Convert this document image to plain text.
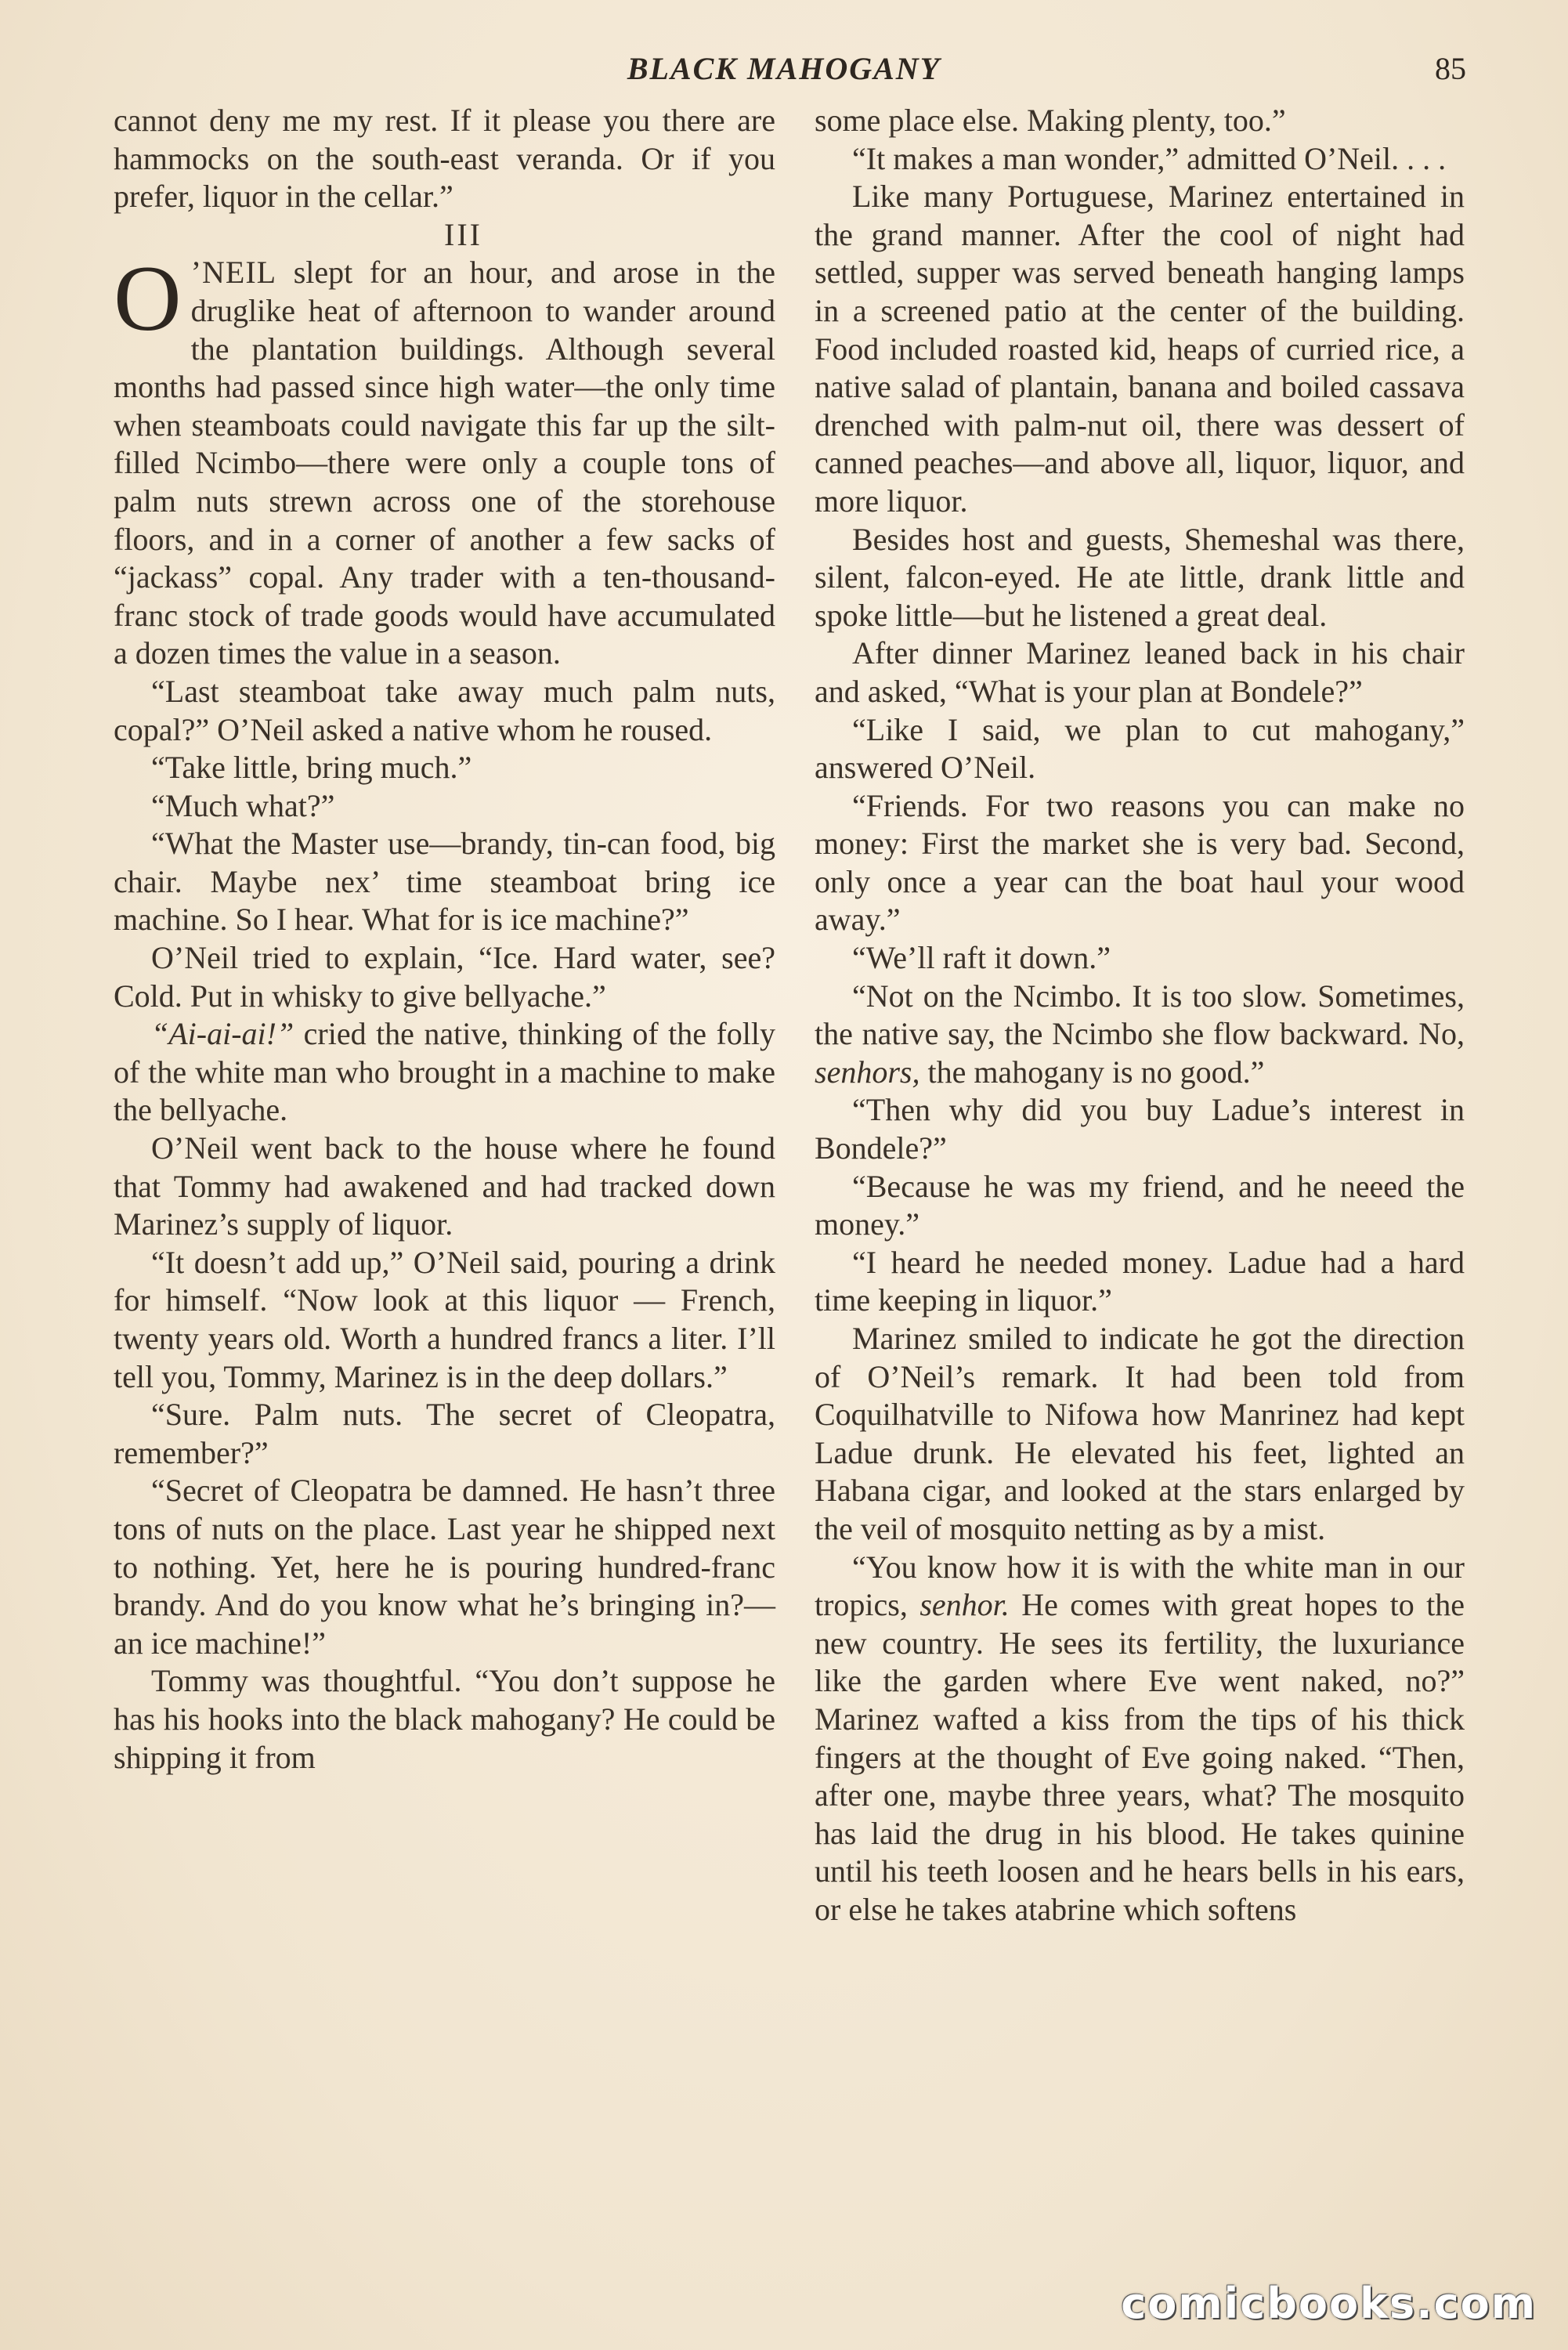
BLACK MAHOGANY	85

cannot deny me my rest. If it please you there are hammocks on the south-east veranda. Or if you prefer, liquor in the cellar.”

III

O ’NEIL slept for an hour, and arose in the druglike heat of afternoon to wander around the plantation buildings. Although several months had passed since high water—the only time when steamboats could navigate this far up the silt-filled Ncimbo—there were only a couple tons of palm nuts strewn across one of the storehouse floors, and in a corner of another a few sacks of “jackass” copal. Any trader with a ten-thousand-franc stock of trade goods would have accumulated a dozen times the value in a season.

“Last steamboat take away much palm nuts, copal?” O’Neil asked a native whom he roused.

“Take little, bring much.”

“Much what?”

“What the Master use—brandy, tin-can food, big chair. Maybe nex’ time steamboat bring ice machine. So I hear. What for is ice machine?”

O’Neil tried to explain, “Ice. Hard water, see? Cold. Put in whisky to give bellyache.”

“Ai-ai-ai!” cried the native, thinking of the folly of the white man who brought in a machine to make the bellyache.

O’Neil went back to the house where he found that Tommy had awakened and had tracked down Marinez’s supply of liquor.

“It doesn’t add up,” O’Neil said, pouring a drink for himself. “Now look at this liquor — French, twenty years old. Worth a hundred francs a liter. I’ll tell you, Tommy, Marinez is in the deep dollars.”

“Sure. Palm nuts. The secret of Cleopatra, remember?”

“Secret of Cleopatra be damned. He hasn’t three tons of nuts on the place. Last year he shipped next to nothing. Yet, here he is pouring hundred-franc brandy. And do you know what he’s bringing in?—an ice machine!”

Tommy was thoughtful. “You don’t suppose he has his hooks into the black mahogany? He could be shipping it from

some place else. Making plenty, too.”

“It makes a man wonder,” admitted O’Neil. . . .

Like many Portuguese, Marinez entertained in the grand manner. After the cool of night had settled, supper was served beneath hanging lamps in a screened patio at the center of the building. Food included roasted kid, heaps of curried rice, a native salad of plantain, banana and boiled cassava drenched with palm-nut oil, there was dessert of canned peaches—and above all, liquor, liquor, and more liquor.

Besides host and guests, Shemeshal was there, silent, falcon-eyed. He ate little, drank little and spoke little—but he listened a great deal.

After dinner Marinez leaned back in his chair and asked, “What is your plan at Bondele?”

“Like I said, we plan to cut mahogany,” answered O’Neil.

“Friends. For two reasons you can make no money: First the market she is very bad. Second, only once a year can the boat haul your wood away.”

“We’ll raft it down.”

“Not on the Ncimbo. It is too slow. Sometimes, the native say, the Ncimbo she flow backward. No, senhors, the mahogany is no good.”

“Then why did you buy Ladue’s interest in Bondele?”

“Because he was my friend, and he neeed the money.”

“I heard he needed money. Ladue had a hard time keeping in liquor.”

Marinez smiled to indicate he got the direction of O’Neil’s remark. It had been told from Coquilhatville to Nifowa how Manrinez had kept Ladue drunk. He elevated his feet, lighted an Habana cigar, and looked at the stars enlarged by the veil of mosquito netting as by a mist.

“You know how it is with the white man in our tropics, senhor. He comes with great hopes to the new country. He sees its fertility, the luxuriance like the garden where Eve went naked, no?” Marinez wafted a kiss from the tips of his thick fingers at the thought of Eve going naked. “Then, after one, maybe three years, what? The mosquito has laid the drug in his blood. He takes quinine until his teeth loosen and he hears bells in his ears, or else he takes atabrine which softens

comicbooks.com
